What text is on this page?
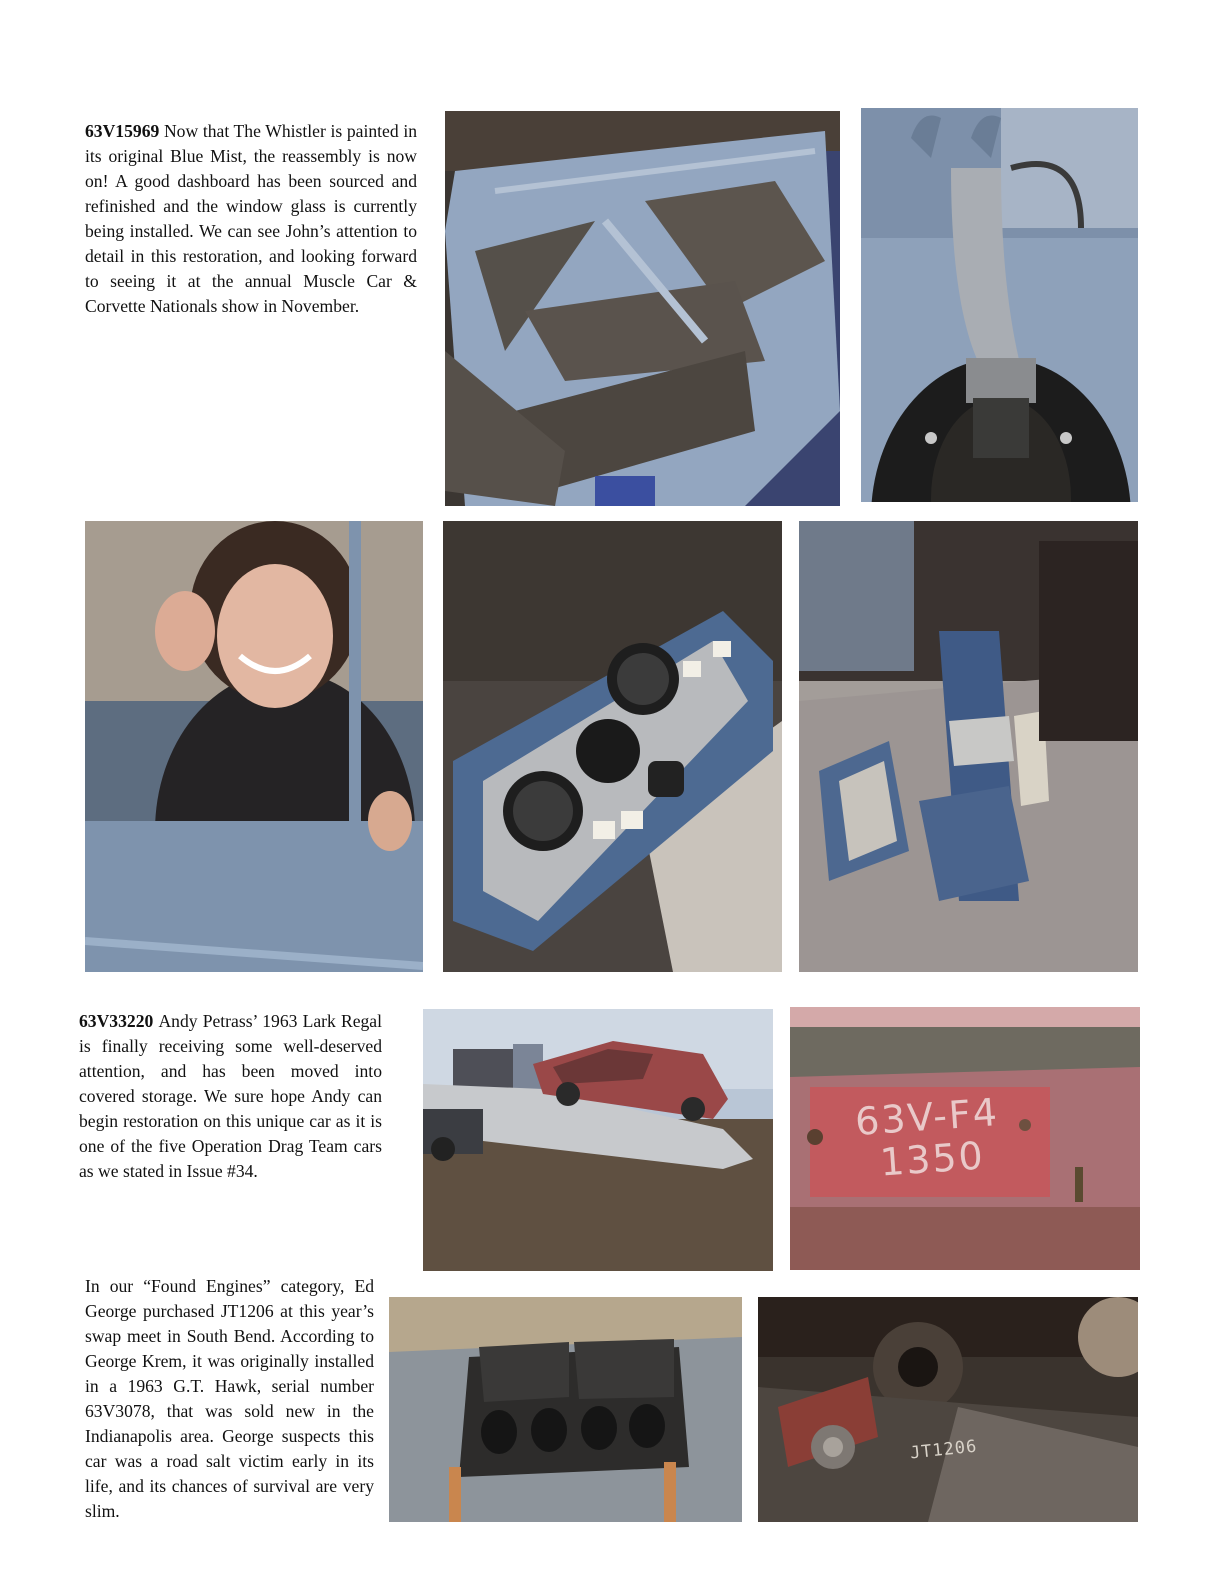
63V15969 Now that The Whistler is painted in its original Blue Mist, the reassembly is now on! A good dashboard has been sourced and refinished and the window glass is currently being installed. We can see John’s attention to detail in this restoration, and looking forward to seeing it at the annual Muscle Car & Corvette Nationals show in November.

63V33220 Andy Petrass’ 1963 Lark Regal is finally receiving some well-deserved attention, and has been moved into covered storage. We sure hope Andy can begin restoration on this unique car as it is one of the five Operation Drag Team cars as we stated in Issue #34.

In our “Found Engines” category, Ed George purchased JT1206 at this year’s swap meet in South Bend. According to George Krem, it was originally installed in a 1963 G.T. Hawk, serial number 63V3078, that was sold new in the Indianapolis area. George suspects this car was a road salt victim early in its life, and its chances of survival are very slim.

63V-F4
1350
JT1206
